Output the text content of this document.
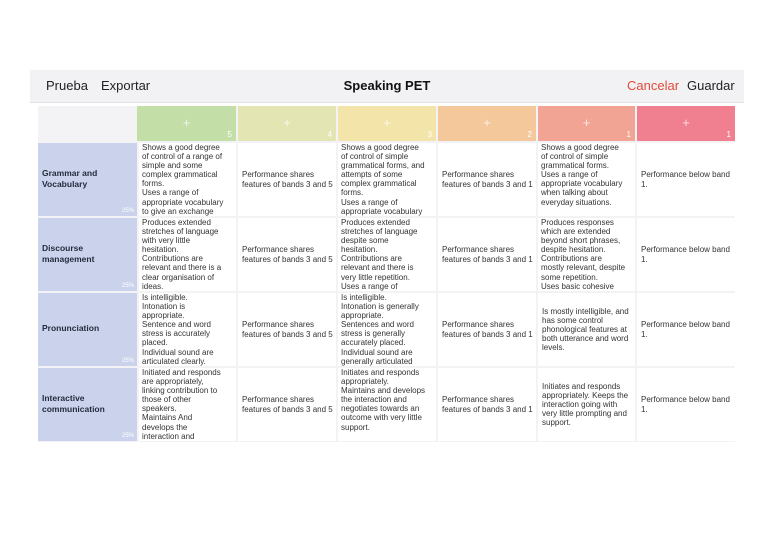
Prueba Exportar	Speaking PET	Cancelar Guardar
+
5
+
4
+
3
+
2
+
1
+
1
Grammar and Vocabulary
25%
Shows a good degree
of control of a range of
simple and some
complex grammatical
forms.
Uses a range of
appropriate vocabulary
to give an exchange
Performance shares features of bands 3 and 5
Shows a good degree
of control of simple
grammatical forms, and
attempts of some
complex grammatical
forms.
Uses a range of
appropriate vocabulary
Performance shares features of bands 3 and 1
Shows a good degree
of control of simple
grammatical forms.
Uses a range of
appropriate vocabulary
when talking about
everyday situations.
Performance below band 1.
Discourse management
25%
Produces extended
stretches of language
with very little
hesitation.
Contributions are
relevant and there is a
clear organisation of
ideas.
Performance shares features of bands 3 and 5
Produces extended
stretches of language
despite some
hesitation.
Contributions are
relevant and there is
very little repetition.
Uses a range of
Performance shares features of bands 3 and 1
Produces responses
which are extended
beyond short phrases,
despite hesitation.
Contributions are
mostly relevant, despite
some repetition.
Uses basic cohesive
Performance below band 1.
Pronunciation
25%
Is intelligible.
Intonation is
appropriate.
Sentence and word
stress is accurately
placed.
Individual sound are
articulated clearly.
Performance shares features of bands 3 and 5
Is intelligible.
Intonation is generally
appropriate.
Sentences and word
stress is generally
accurately placed.
Individual sound are
generally articulated
Performance shares features of bands 3 and 1
Is mostly intelligible, and has some control phonological features at both utterance and word levels.
Performance below band 1.
Interactive communication
25%
Initiated and responds
are appropriately,
linking contribution to
those of other
speakers.
Maintains And
develops the
interaction and
Performance shares features of bands 3 and 5
Initiates and responds
appropriately.
Maintains and develops
the interaction and
negotiates towards an
outcome with very little
support.
Performance shares features of bands 3 and 1
Initiates and responds appropriately. Keeps the interaction going with very little prompting and support.
Performance below band 1.
